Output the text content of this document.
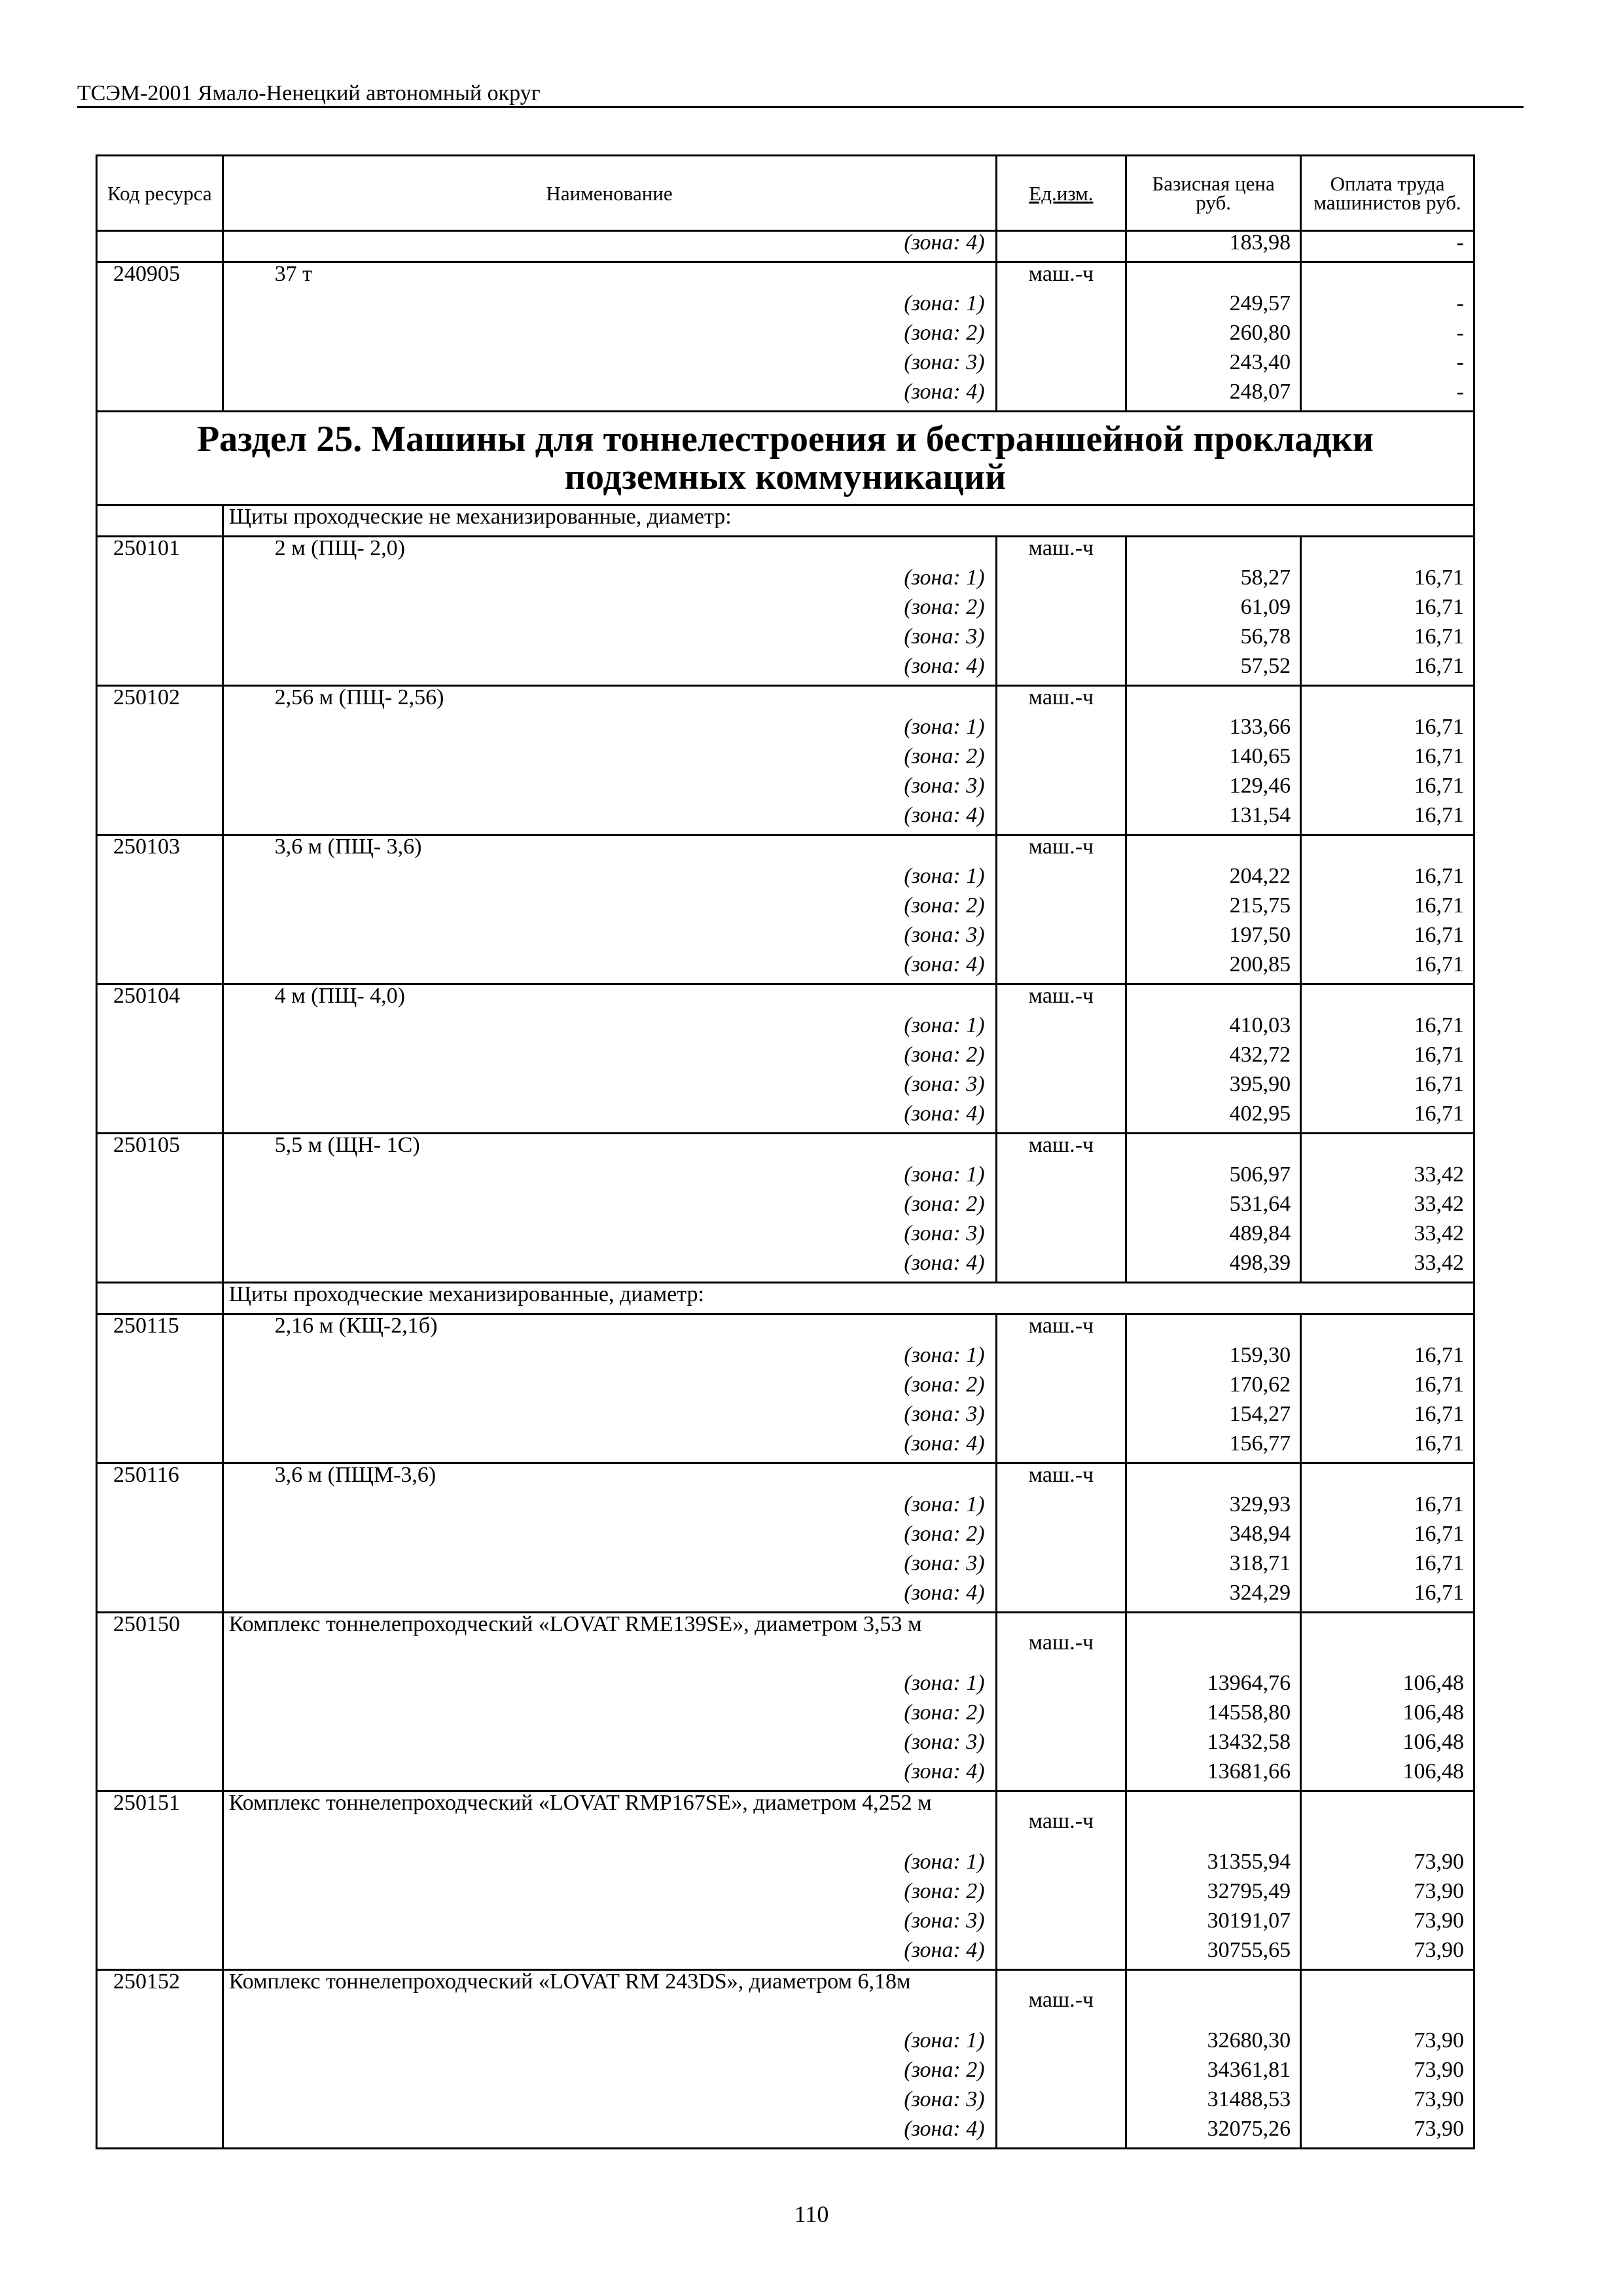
ТСЭМ-2001 Ямало-Ненецкий автономный округ
Код ресурса	Наименование	Ед.изм.	Базисная цена руб.	Оплата труда машинистов руб.
	(зона: 4)		183,98	-
240905	37 т	маш.-ч		
	(зона: 1)		249,57	-
	(зона: 2)		260,80	-
	(зона: 3)		243,40	-
	(зона: 4)		248,07	-
Раздел 25. Машины для тоннелестроения и бестраншейной прокладки подземных коммуникаций				
	Щиты проходческие не механизированные, диаметр:			
250101	2 м (ПЩ- 2,0)	маш.-ч		
	(зона: 1)		58,27	16,71
	(зона: 2)		61,09	16,71
	(зона: 3)		56,78	16,71
	(зона: 4)		57,52	16,71
250102	2,56 м (ПЩ- 2,56)	маш.-ч		
	(зона: 1)		133,66	16,71
	(зона: 2)		140,65	16,71
	(зона: 3)		129,46	16,71
	(зона: 4)		131,54	16,71
250103	3,6 м (ПЩ- 3,6)	маш.-ч		
	(зона: 1)		204,22	16,71
	(зона: 2)		215,75	16,71
	(зона: 3)		197,50	16,71
	(зона: 4)		200,85	16,71
250104	4 м (ПЩ- 4,0)	маш.-ч		
	(зона: 1)		410,03	16,71
	(зона: 2)		432,72	16,71
	(зона: 3)		395,90	16,71
	(зона: 4)		402,95	16,71
250105	5,5 м (ЩН- 1С)	маш.-ч		
	(зона: 1)		506,97	33,42
	(зона: 2)		531,64	33,42
	(зона: 3)		489,84	33,42
	(зона: 4)		498,39	33,42
	Щиты проходческие механизированные, диаметр:			
250115	2,16 м (КЩ-2,1б)	маш.-ч		
	(зона: 1)		159,30	16,71
	(зона: 2)		170,62	16,71
	(зона: 3)		154,27	16,71
	(зона: 4)		156,77	16,71
250116	3,6 м (ПЩМ-3,6)	маш.-ч		
	(зона: 1)		329,93	16,71
	(зона: 2)		348,94	16,71
	(зона: 3)		318,71	16,71
	(зона: 4)		324,29	16,71
250150	Комплекс тоннелепроходческий «LOVAT RME139SE», диаметром 3,53 м	маш.-ч		
	(зона: 1)		13964,76	106,48
	(зона: 2)		14558,80	106,48
	(зона: 3)		13432,58	106,48
	(зона: 4)		13681,66	106,48
250151	Комплекс тоннелепроходческий «LOVAT RMP167SE», диаметром 4,252 м	маш.-ч		
	(зона: 1)		31355,94	73,90
	(зона: 2)		32795,49	73,90
	(зона: 3)		30191,07	73,90
	(зона: 4)		30755,65	73,90
250152	Комплекс тоннелепроходческий «LOVAT RM 243DS», диаметром 6,18м	маш.-ч		
	(зона: 1)		32680,30	73,90
	(зона: 2)		34361,81	73,90
	(зона: 3)		31488,53	73,90
	(зона: 4)		32075,26	73,90
110
